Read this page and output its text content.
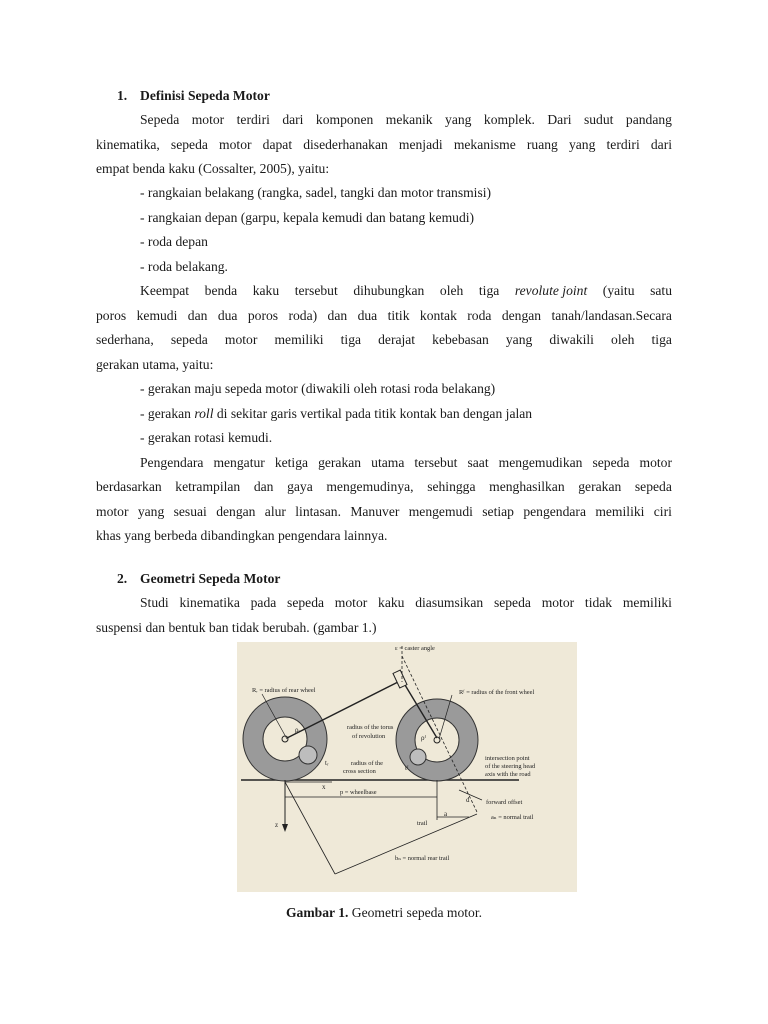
1. Definisi Sepeda Motor
Sepeda motor terdiri dari komponen mekanik yang komplek. Dari sudut pandang
kinematika, sepeda motor dapat disederhanakan menjadi mekanisme ruang yang terdiri dari
empat benda kaku (Cossalter, 2005), yaitu:
- rangkaian belakang (rangka, sadel, tangki dan motor transmisi)
- rangkaian depan (garpu, kepala kemudi dan batang kemudi)
- roda depan
- roda belakang.
Keempat benda kaku tersebut dihubungkan oleh tiga revolute joint (yaitu satu
poros kemudi dan dua poros roda) dan dua titik kontak roda dengan tanah/landasan.Secara
sederhana, sepeda motor memiliki tiga derajat kebebasan yang diwakili oleh tiga
gerakan utama, yaitu:
- gerakan maju sepeda motor (diwakili oleh rotasi roda belakang)
- gerakan roll di sekitar garis vertikal pada titik kontak ban dengan jalan
- gerakan rotasi kemudi.
Pengendara mengatur ketiga gerakan utama tersebut saat mengemudikan sepeda motor
berdasarkan ketrampilan dan gaya mengemudinya, sehingga menghasilkan gerakan sepeda
motor yang sesuai dengan alur lintasan. Manuver mengemudi setiap pengendara memiliki ciri
khas yang berbeda dibandingkan pengendara lainnya.
2. Geometri Sepeda Motor
Studi kinematika pada sepeda motor kaku diasumsikan sepeda motor tidak memiliki
suspensi dan bentuk ban tidak berubah. (gambar 1.)
ε = caster angle
Rᵣ = radius of rear wheel	Rᶠ = radius of the front wheel
radius of the torus
of revolution
radius of the
cross section
intersection point
of the steering head
axis with the road
p = wheelbase
forward offset
aₙ = normal trail
trail
bₙ = normal rear trail
x
z
ρᵣ
ρᶠ
tᵣ
tᶠ
a
d
Gambar 1. Geometri sepeda motor.
